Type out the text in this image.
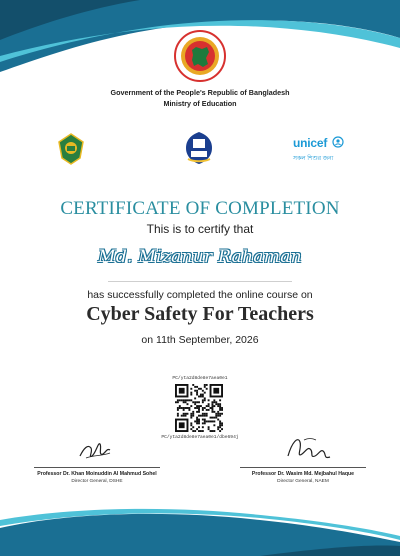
Government of the People's Republic of Bangladesh
Ministry of Education
unicef
সকল শিশুর জন্য
CERTIFICATE OF COMPLETION
This is to certify that
Md. Mizanur Rahaman
has successfully completed the online course on
Cyber Safety For Teachers
on 11th September, 2026
PC/yta2d8de8e7aea0e1
PC/yta2d8de8e7aea0e1/dbe694j
Professor Dr. Khan Moinuddin Al Mahmud Sohel
Director General, DSHE
Professor Dr. Wasim Md. Mejbahul Haque
Director General, NAEM
